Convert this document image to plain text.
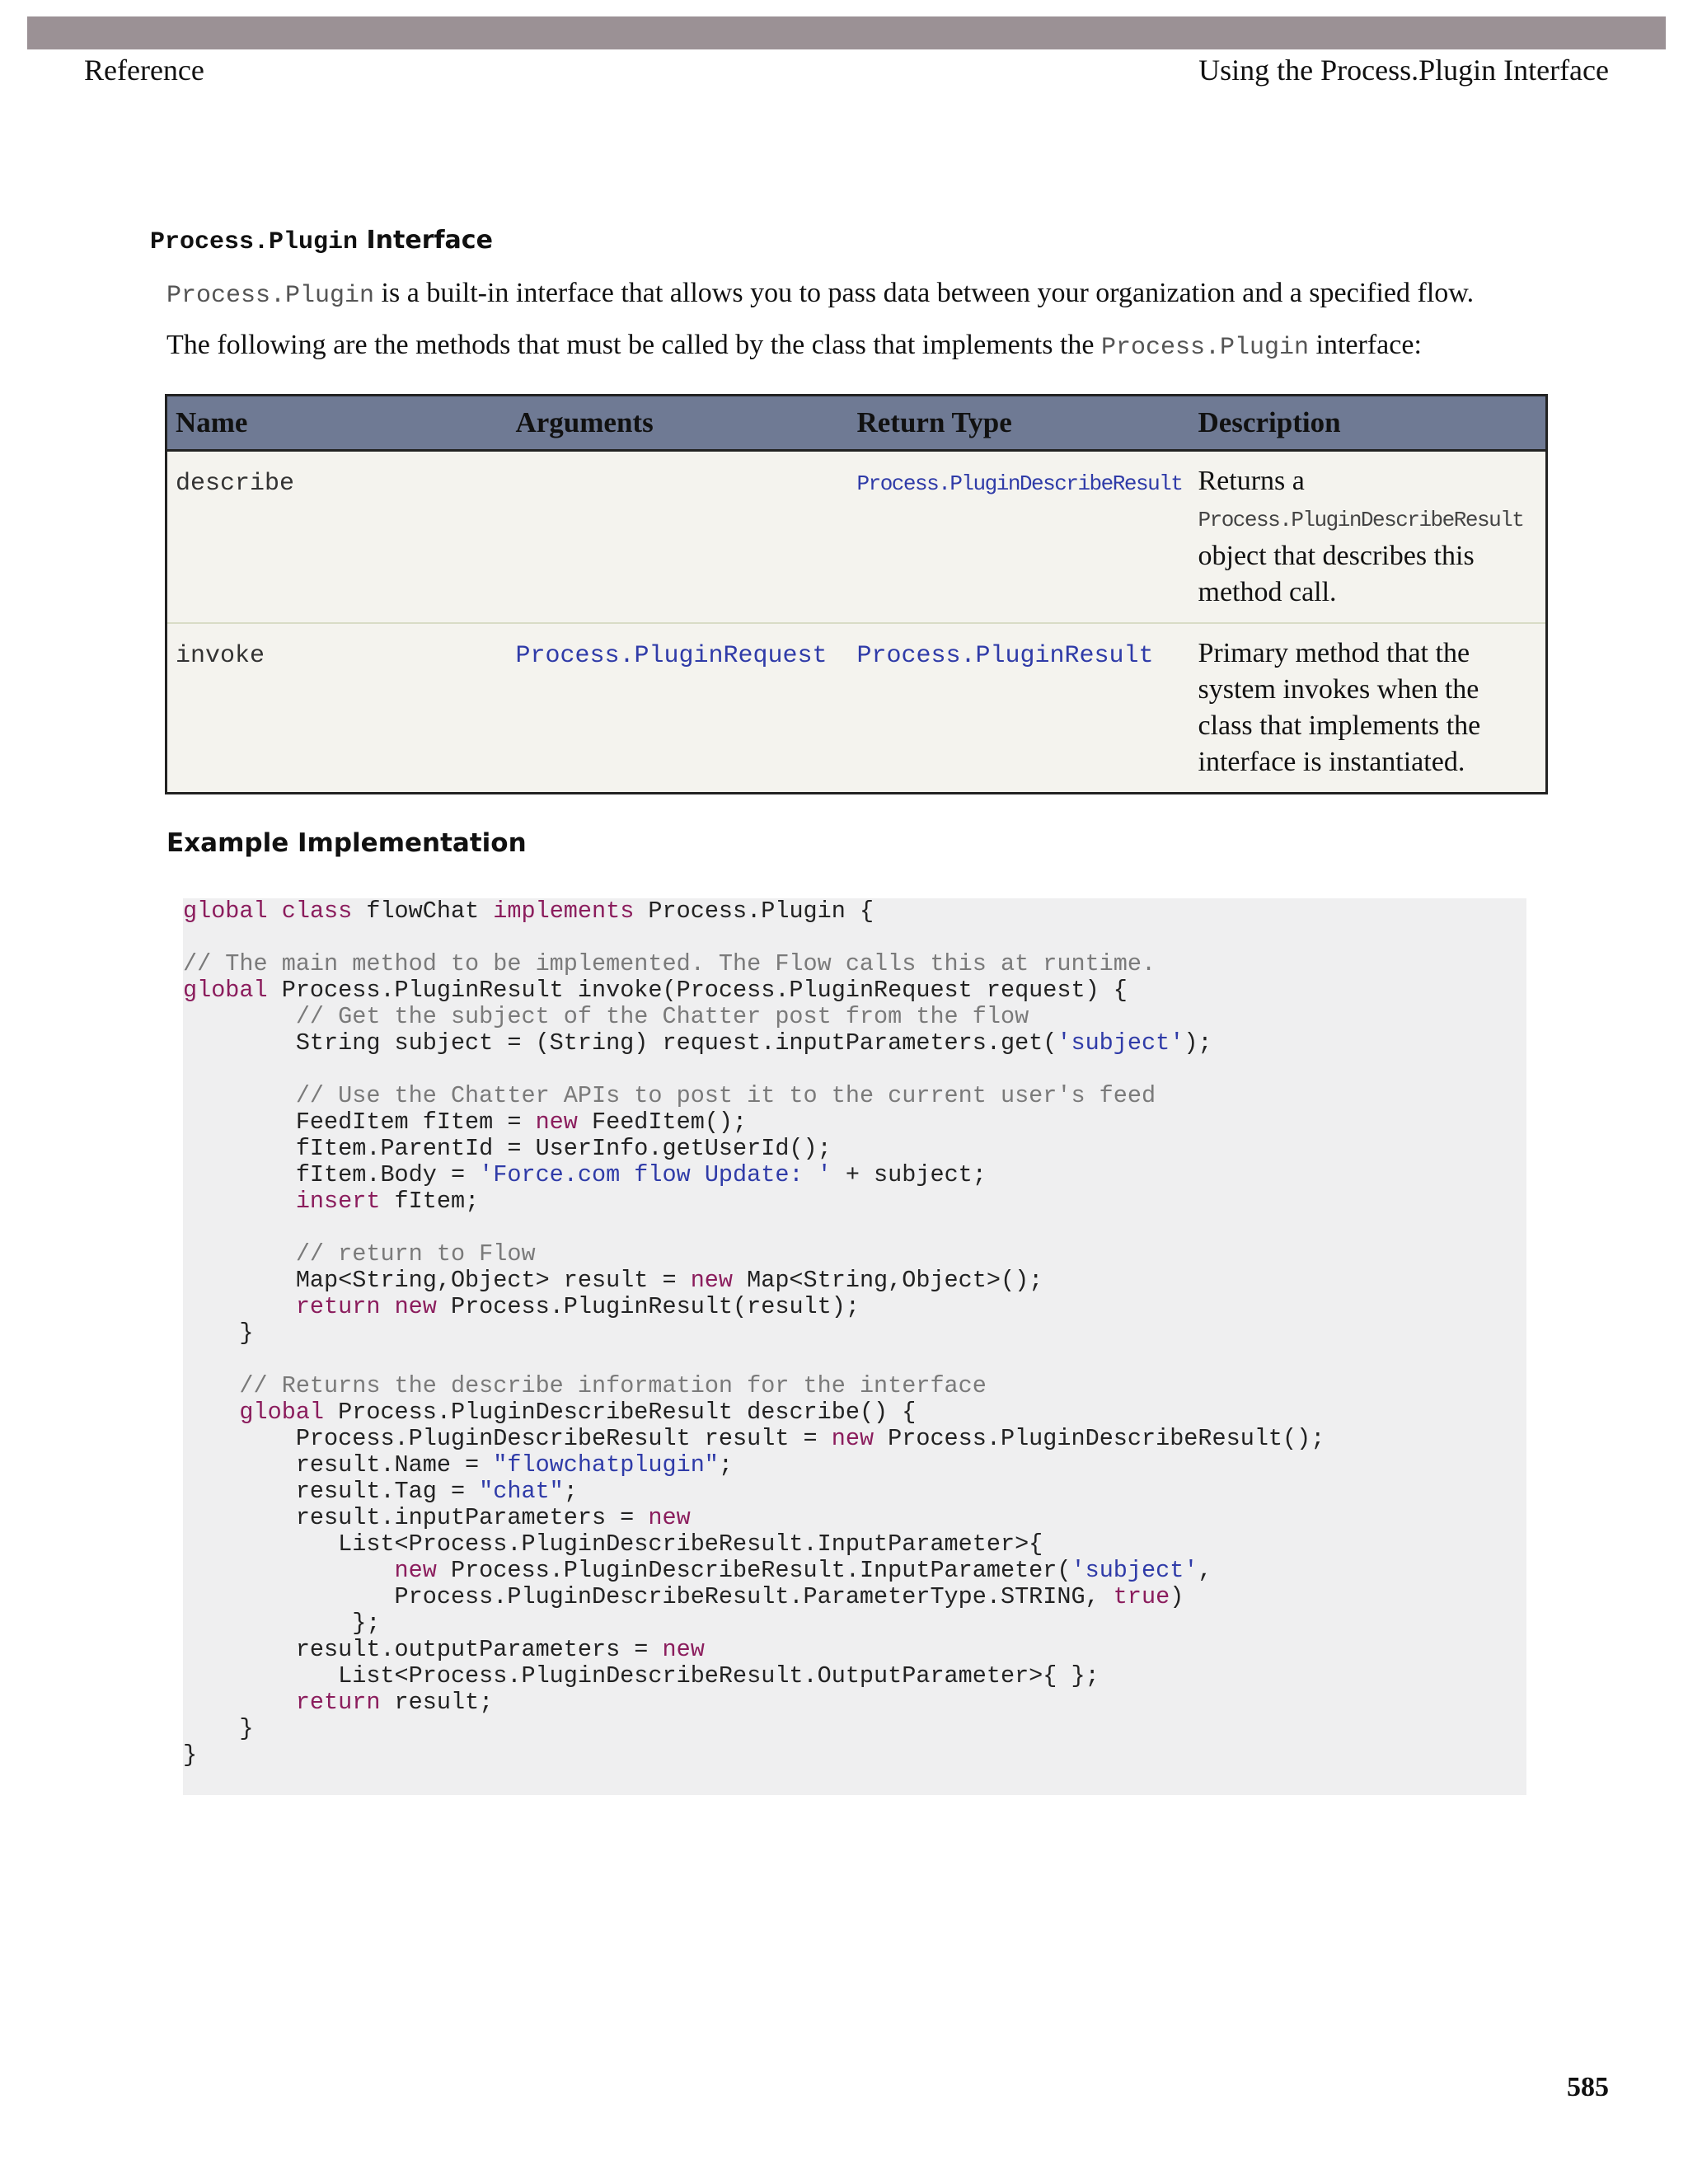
Reference	Using the Process.Plugin Interface
Process.Plugin Interface
Process.Plugin is a built-in interface that allows you to pass data between your organization and a specified flow.
The following are the methods that must be called by the class that implements the Process.Plugin interface:
Name	Arguments	Return Type	Description
describe		Process.PluginDescribeResult	Returns a
Process.PluginDescribeResult
object that describes this method call.
invoke	Process.PluginRequest	Process.PluginResult	Primary method that the system invokes when the class that implements the interface is instantiated.
Example Implementation
global class flowChat implements Process.Plugin {
// The main method to be implemented. The Flow calls this at runtime.
global Process.PluginResult invoke(Process.PluginRequest request) {
// Get the subject of the Chatter post from the flow
String subject = (String) request.inputParameters.get('subject');
// Use the Chatter APIs to post it to the current user's feed
FeedItem fItem = new FeedItem();
fItem.ParentId = UserInfo.getUserId();
fItem.Body = 'Force.com flow Update: ' + subject;
insert fItem;
// return to Flow
Map<String,Object> result = new Map<String,Object>();
return new Process.PluginResult(result);
}
// Returns the describe information for the interface
global Process.PluginDescribeResult describe() {
Process.PluginDescribeResult result = new Process.PluginDescribeResult();
result.Name = "flowchatplugin";
result.Tag = "chat";
result.inputParameters = new
List<Process.PluginDescribeResult.InputParameter>{
new Process.PluginDescribeResult.InputParameter('subject',
Process.PluginDescribeResult.ParameterType.STRING, true)
};
result.outputParameters = new
List<Process.PluginDescribeResult.OutputParameter>{ };
return result;
}
}
585
